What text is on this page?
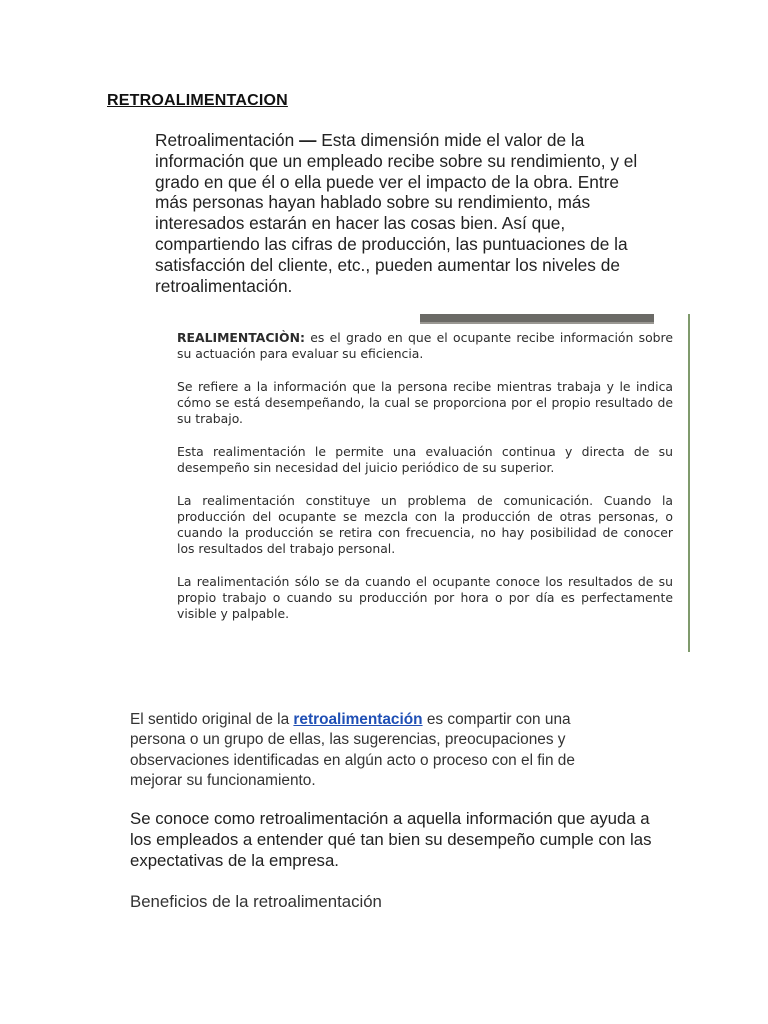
RETROALIMENTACION
Retroalimentación — Esta dimensión mide el valor de la información que un empleado recibe sobre su rendimiento, y el grado en que él o ella puede ver el impacto de la obra. Entre más personas hayan hablado sobre su rendimiento, más interesados estarán en hacer las cosas bien. Así que, compartiendo las cifras de producción, las puntuaciones de la satisfacción del cliente, etc., pueden aumentar los niveles de retroalimentación.

REALIMENTACIÒN: es el grado en que el ocupante recibe información sobre su actuación para evaluar su eficiencia.

Se refiere a la información que la persona recibe mientras trabaja y le indica cómo se está desempeñando, la cual se proporciona por el propio resultado de su trabajo.

Esta realimentación le permite una evaluación continua y directa de su desempeño sin necesidad del juicio periódico de su superior.

La realimentación constituye un problema de comunicación. Cuando la producción del ocupante se mezcla con la producción de otras personas, o cuando la producción se retira con frecuencia, no hay posibilidad de conocer los resultados del trabajo personal.

La realimentación sólo se da cuando el ocupante conoce los resultados de su propio trabajo o cuando su producción por hora o por día es perfectamente visible y palpable.

El sentido original de la retroalimentación es compartir con una persona o un grupo de ellas, las sugerencias, preocupaciones y observaciones identificadas en algún acto o proceso con el fin de mejorar su funcionamiento.
Se conoce como retroalimentación a aquella información que ayuda a los empleados a entender qué tan bien su desempeño cumple con las expectativas de la empresa.
Beneficios de la retroalimentación
